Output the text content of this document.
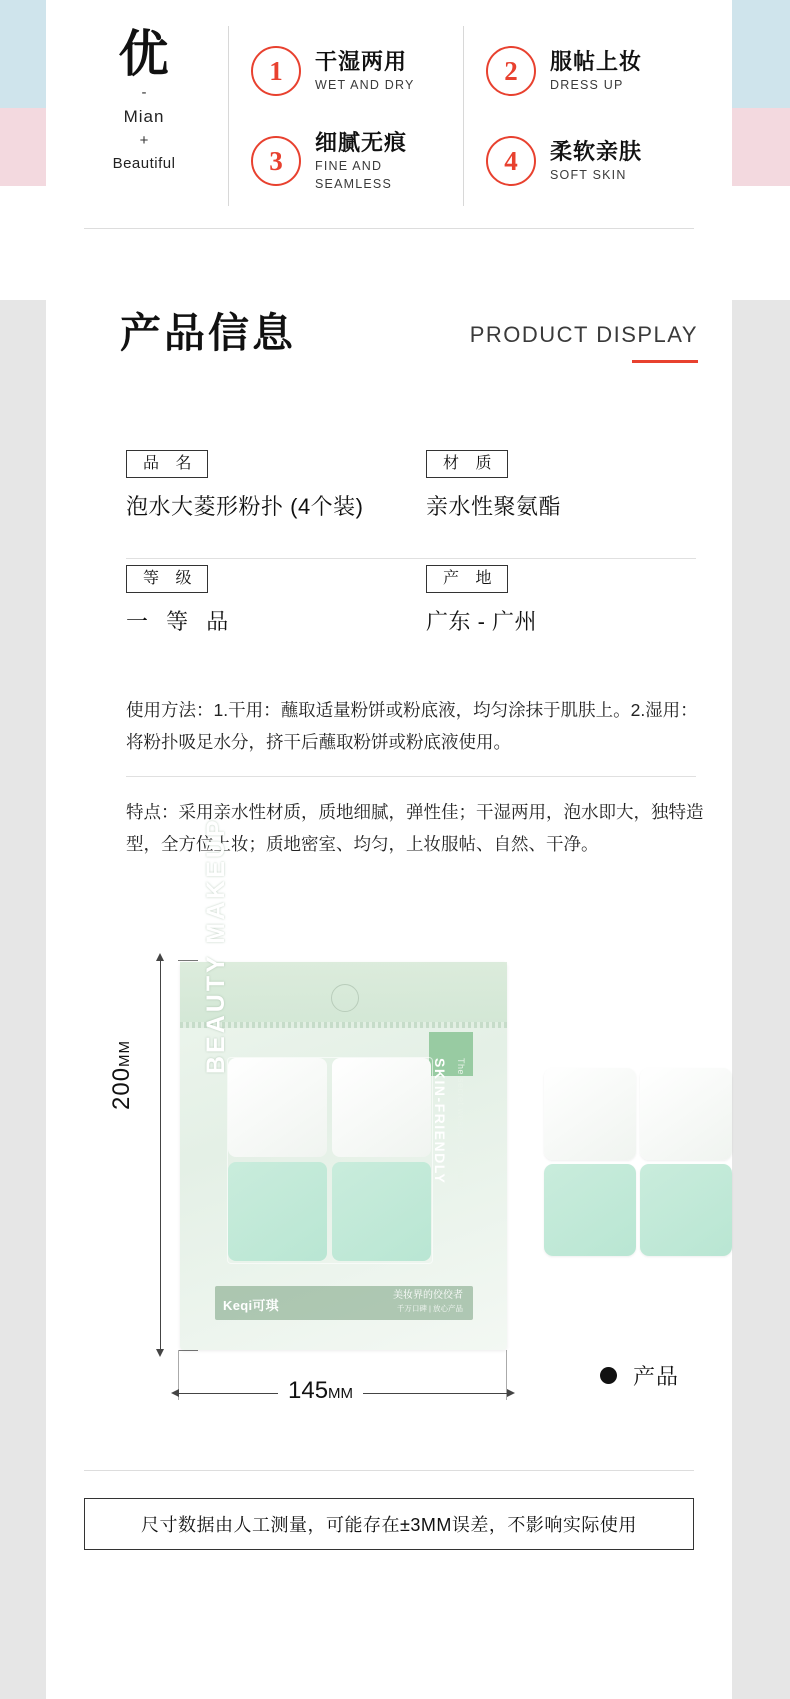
优
-
Mian
+
Beautiful
1	干湿两用
WET AND DRY	2	服帖上妆
DRESS UP
3
细腻无痕
FINE AND SEAMLESS
4	柔软亲肤
SOFT SKIN
产品信息	PRODUCT DISPLAY
品 名
泡水大菱形粉扑 (4个装)
材 质
亲水性聚氨酯
等 级
一 等 品
产 地
广东 - 广州
使用方法：1.干用：蘸取适量粉饼或粉底液，均匀涂抹于肌肤上。2.湿用：将粉扑吸足水分，挤干后蘸取粉饼或粉底液使用。
特点：采用亲水性材质，质地细腻，弹性佳；干湿两用，泡水即大，独特造型，全方位上妆；质地密室、均匀，上妆服帖、自然、干净。
200MM
145MM
BEAUTY MAKEUP
SKIN-FRIENDLY The secret weapon of beauty
Keqi可琪
美妆界的佼佼者
千万口碑 | 放心产品
产品
尺寸数据由人工测量，可能存在±3MM误差，不影响实际使用
